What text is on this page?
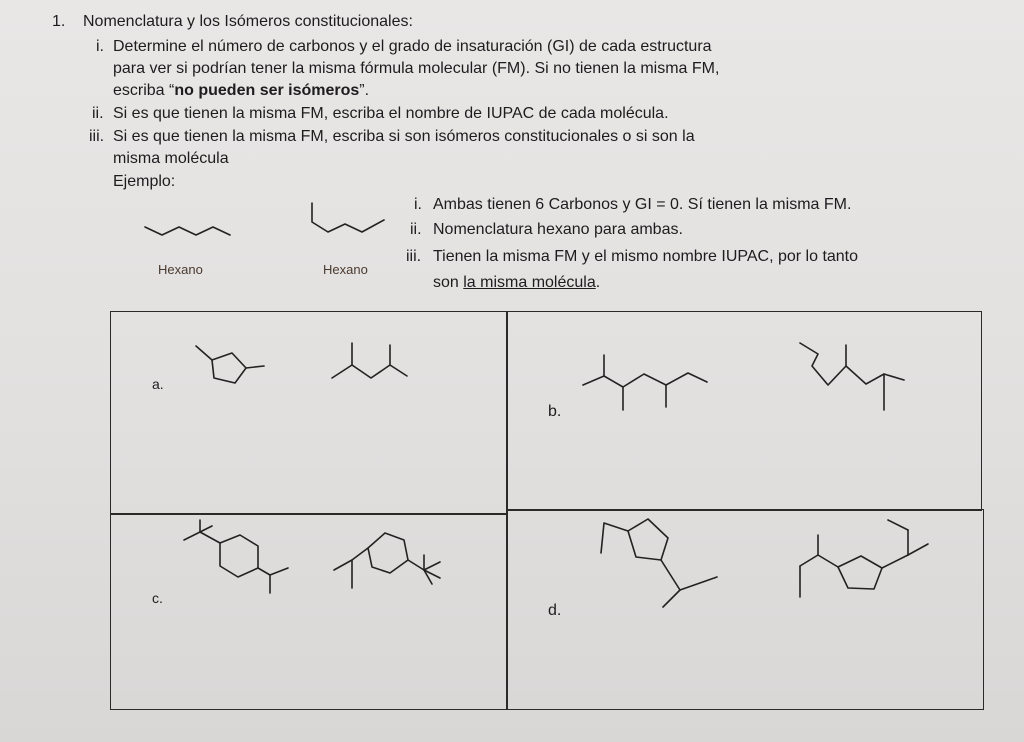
1. Nomenclatura y los Isómeros constitucionales:
i. Determine el número de carbonos y el grado de insaturación (GI) de cada estructura
para ver si podrían tener la misma fórmula molecular (FM). Si no tienen la misma FM,
escriba “no pueden ser isómeros”.
ii. Si es que tienen la misma FM, escriba el nombre de IUPAC de cada molécula.
iii. Si es que tienen la misma FM, escriba si son isómeros constitucionales o si son la
misma molécula
Ejemplo:
Hexano	Hexano
i. Ambas tienen 6 Carbonos y GI = 0. Sí tienen la misma FM.
ii. Nomenclatura hexano para ambas.
iii. Tienen la misma FM y el mismo nombre IUPAC, por lo tanto
son la misma molécula.
a.
b.
c.
d.
